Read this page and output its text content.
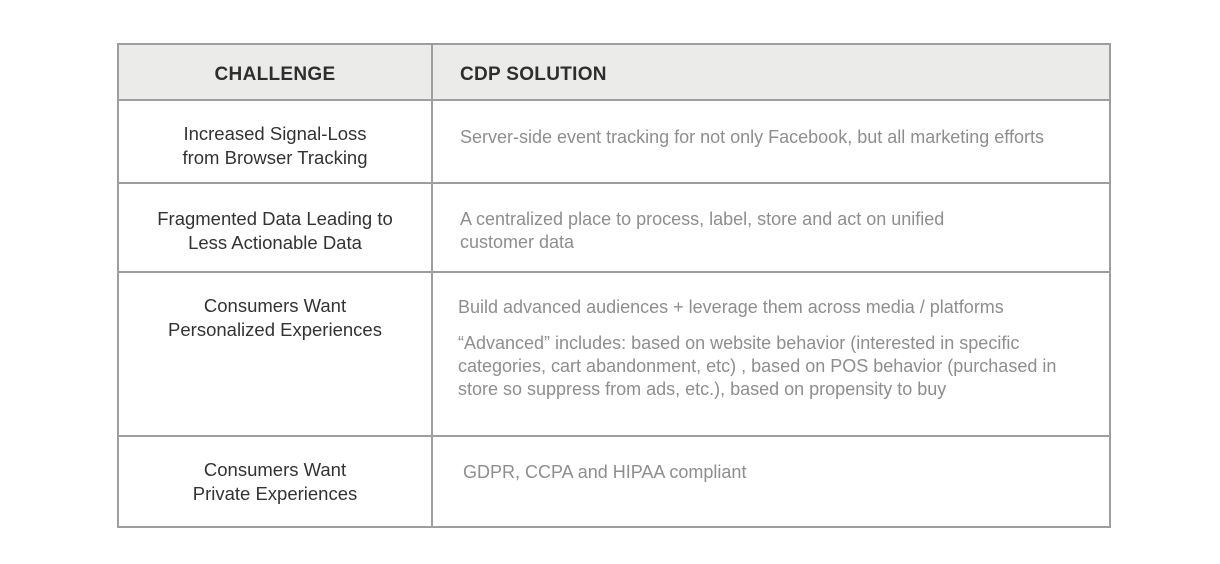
CHALLENGE	CDP SOLUTION
Increased Signal-Loss
from Browser Tracking

Server-side event tracking for not only Facebook, but all marketing efforts

Fragmented Data Leading to
Less Actionable Data

A centralized place to process, label, store and act on unified customer data

Consumers Want
Personalized Experiences

Build advanced audiences + leverage them across media / platforms

“Advanced” includes: based on website behavior (interested in specific categories, cart abandonment, etc) , based on POS behavior (purchased in store so suppress from ads, etc.), based on propensity to buy

Consumers Want
Private Experiences

GDPR, CCPA and HIPAA compliant
